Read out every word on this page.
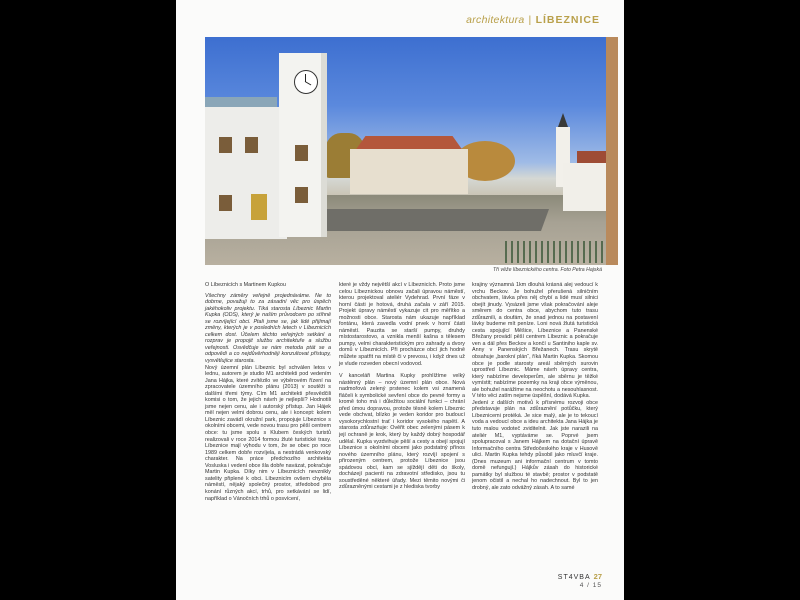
architektura | LÍBEZNICE
Tři věže líbeznického centra. Foto Petra Hajská

O Líbeznicích s Martinem Kupkou

Všechny záměry veřejně projednáváme. Ne to dobrne, považuji to za zásadní věc pro úspěch jakéhokoliv projektu. Tiká starosta Líbeznic Martin Kupka (ODS), který je naším průvodcem po stíhně se rozvíjející obci. Ptali jsme se, jak lidé přijímají změny, kterých je v posledních letech v Líbeznicích celkem dost. Účelem těchto veřejných setkání a rozprav je propojit službu architektuře a službu veřejnosti. Osvědčuje se nám metoda ptát se a odpovědi a co nejdůvěrhodněji konzultovat přístupy, vysvětlujíce starosta.

Nový územní plán Líbeznic byl schválen letos v lednu, autorem je studio M1 architekti pod vedením Jana Hájka, které zvítězilo ve výběrovém řízení na zpracovatele územního plánu (2013) v soutěži s dalšími třemi týmy. Cím M1 architekti přesvědčili komisi o tom, že jejich návrh je nejlepší? Hodnotili jsme nejen cenu, ale i autorský přístup. Jan Hájek měl nejen velmi dobrou cenu, ale i koncept: kolem Líbeznic zavádí okružní park, propojuje Líbeznice s okolními obcemi, vede novou trasu pro pěší centrem obce: tu jsme spolu s Klubem českých turistů realizovali v roce 2014 formou žluté turistické trasy. Líbeznice mají výhodu v tom, že se obec po roce 1989 celkem dobře rozvíjela, a nestrádá venkovský charakter. Na práce předchozího architekta Vosluska i vedení obce šla dobře navázat, pokračuje Martin Kupka. Díky nim v Líbeznicích nevznikly satelity připlené k obci. Líbeznicím ovšem chyběla náměstí, nějaký společný prostor, středobod pro konání různých akcí, trhů, pro setkávání se lidí, například o Vánočních trhů o posvícení,

které je vždy největší akcí v Líbeznicích. Proto jsme celou Líbeznickou obnovu začali úpravou náměstí, kterou projektoval ateliér Vydehrad. První fáze v horní části je hotová, druhá začala v září 2015. Projekt úpravy náměstí vykazuje cit pro měřítko a možnosti obce. Starosta nám ukazuje například fontánu, která zavedla vodní prvek v horní části náměstí. Pauzita se starší pumpy, druhdy místostarostovo, a vznikla menší kašna s tělesem pumpy, velmi charakteristickým pro zahrady a dvory domů v Líbeznicích. Při procházce obcí jich hodně můžete spatřit na místě či v prevosu, i když dnes už je vlude rozveden obecní vodovod.

V kanceláři Martina Kupky prohlížíme velký nástěnný plán – nový územní plán obce. Nová nadmořová zelený prstenec kolem vsi znamená fláčeli k symbolické sevření obce do pevné formy a kromě toho má i důležitou sociální funkci – chrání před úmou dopravou, protože těsně kolem Líbeznic vede obchvat, blízko je veden koridor pro budoucí vysokorychlostní trať i koridor vysokého napětí. A starosta zdůrazňuje: Ověřit obec zelenými pásem k její ochraně je krok, který by každý dobrý hospodář udělal. Kupka vyzdvihuje pěší a cesty a obejí spojují Líbeznice s okolními obcemi jako podstatný přínos nového územního plánu, který rozvíjí spojení s přirozeným centrem, protože Líbeznice jsou spádovou obcí, kam se sjíždějí děti do školy, docházejí pacienti na zdravotní středisko, jsou tu soustředěné některé úřady. Mezi těmito novými či zdůrazněnými cestami je z hlediska tvorby

krajiny významná 1km dlouhá krásná alej vedoucí k vrchu Beckov. Je bohužel přerušená silničním obchvatem, lávka přes něj chybí a lidé musí silnici obejít jinudy. Vysázeli jsme však pokračování aleje směrem do centra obce, abychom tuto trasu zdůraznili, a doufám, že snad jednou na postavení lávky budeme mít peníze. Loni nová žlutá turistická cesta spojující Měšice, Líbeznice a Panenské Břežany provádí pěší centrem Líbeznic a pokračuje ven a dál přes Beckov a končí u Santiniho kaple sv. Anny v Panenských Břežanech. Trasu skrytě obsahuje „barokní plán“, říká Martin Kupka. Skomou obce je podle starosty areál sběrných surovin uprostřed Líbeznic. Máme návrh úpravy centra, který nabízíme developerům, ale sběrnu je těžké vymístit; nabízíme pozemky na kraji obce výměnou, ale bohužel narážíme na neochotu a nesouhlasnost. V této věci zatím nejsme úspěšní, dodává Kupka.

Jedení z dalších motivů k přísnému rozvoji obce představuje plán na zdůraznění potůčku, který Líbeznicemi protéká. Je sice malý, ale je to tekoucí voda a vedoucí obce a ideu architekta Jana Hájka je tuto malou vodoteč zviditelnit. Jak jste narazili na ateliér M1, vyptáváme se. Poprvé jsem spolupracoval s Janem Hájkem na dotační úpravě Informačního centra Středočeského kraje v Husově ulici. Martin Kupka tehdy působil jako mluvčí kraje. (Dnes muzeum ani informační centrum v tomto domě nefungují.) Hájkův zásah do historické památky byl službou té stavbě; prostor v podstatě jenom očistil a nechal ho nadechnout. Byl to jen drobný, ale zato odvážný zásah. A to samé

ST4VBA 27
4 / 15
